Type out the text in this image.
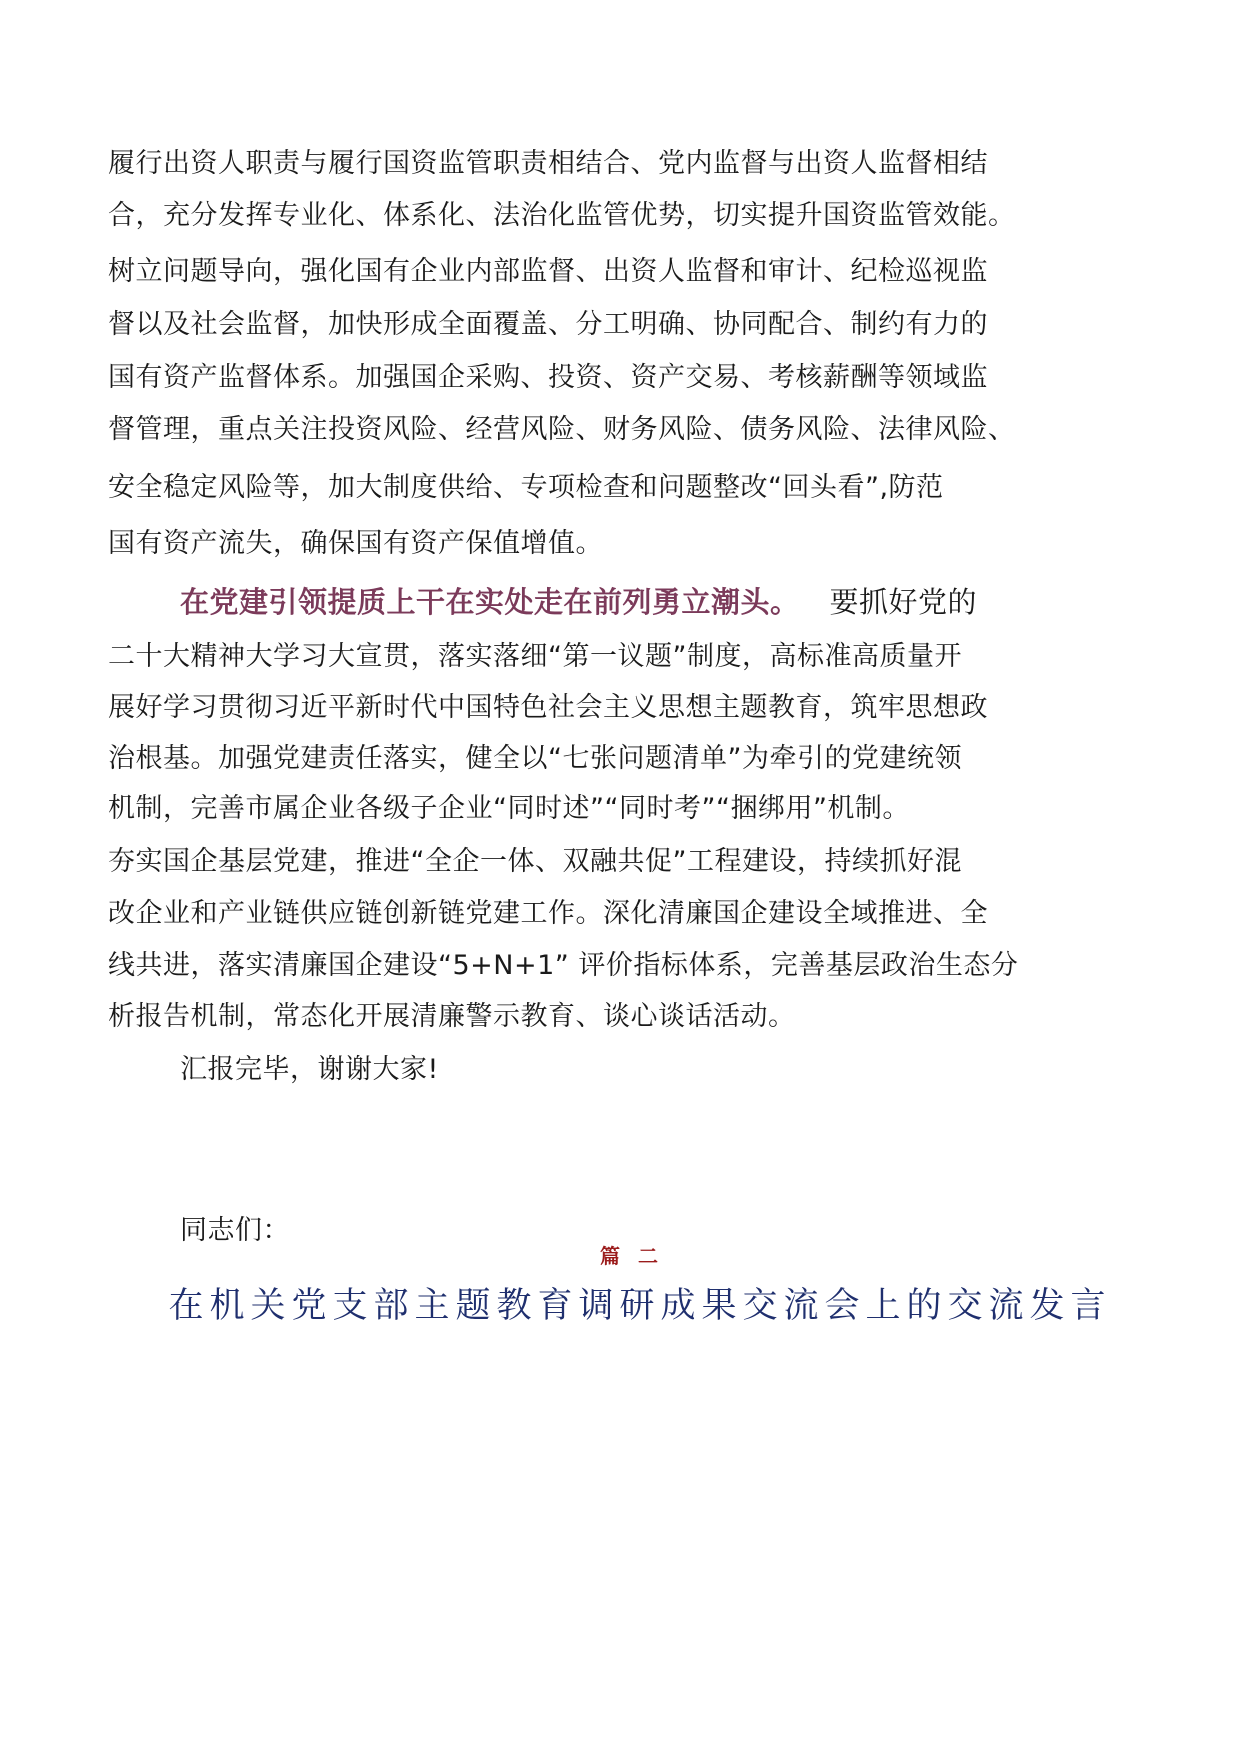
履行出资人职责与履行国资监管职责相结合、党内监督与出资人监督相结
合，充分发挥专业化、体系化、法治化监管优势，切实提升国资监管效能。
树立问题导向，强化国有企业内部监督、出资人监督和审计、纪检巡视监
督以及社会监督，加快形成全面覆盖、分工明确、协同配合、制约有力的
国有资产监督体系。加强国企采购、投资、资产交易、考核薪酬等领域监
督管理，重点关注投资风险、经营风险、财务风险、债务风险、法律风险、
安全稳定风险等，加大制度供给、专项检查和问题整改“回头看”,防范
国有资产流失，确保国有资产保值增值。
在党建引领提质上干在实处走在前列勇立潮头。 要抓好党的
二十大精神大学习大宣贯，落实落细“第一议题”制度，高标准高质量开
展好学习贯彻习近平新时代中国特色社会主义思想主题教育，筑牢思想政
治根基。加强党建责任落实，健全以“七张问题清单”为牵引的党建统领
机制，完善市属企业各级子企业“同时述”“同时考”“捆绑用”机制。
夯实国企基层党建，推进“全企一体、双融共促”工程建设，持续抓好混
改企业和产业链供应链创新链党建工作。深化清廉国企建设全域推进、全
线共进，落实清廉国企建设“5+N+1” 评价指标体系，完善基层政治生态分
析报告机制，常态化开展清廉警示教育、谈心谈话活动。
汇报完毕，谢谢大家!
篇二
在机关党支部主题教育调研成果交流会上的交流发言
同志们：
